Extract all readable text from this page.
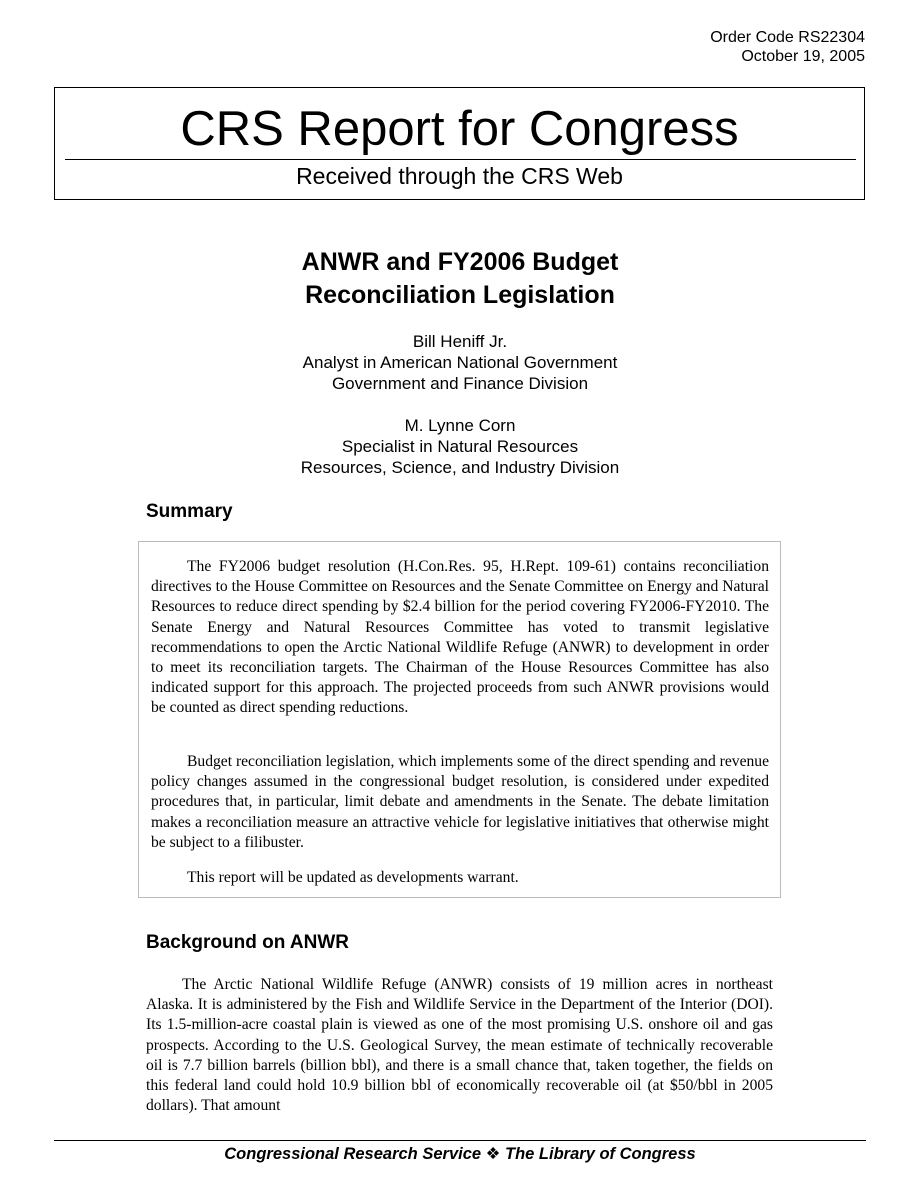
Order Code RS22304
October 19, 2005
CRS Report for Congress
Received through the CRS Web
ANWR and FY2006 Budget
Reconciliation Legislation
Bill Heniff Jr.
Analyst in American National Government
Government and Finance Division
M. Lynne Corn
Specialist in Natural Resources
Resources, Science, and Industry Division
Summary

The FY2006 budget resolution (H.Con.Res. 95, H.Rept. 109-61) contains reconciliation directives to the House Committee on Resources and the Senate Committee on Energy and Natural Resources to reduce direct spending by $2.4 billion for the period covering FY2006-FY2010. The Senate Energy and Natural Resources Committee has voted to transmit legislative recommendations to open the Arctic National Wildlife Refuge (ANWR) to development in order to meet its reconciliation targets. The Chairman of the House Resources Committee has also indicated support for this approach. The projected proceeds from such ANWR provisions would be counted as direct spending reductions.

Budget reconciliation legislation, which implements some of the direct spending and revenue policy changes assumed in the congressional budget resolution, is considered under expedited procedures that, in particular, limit debate and amendments in the Senate. The debate limitation makes a reconciliation measure an attractive vehicle for legislative initiatives that otherwise might be subject to a filibuster.

This report will be updated as developments warrant.

Background on ANWR

The Arctic National Wildlife Refuge (ANWR) consists of 19 million acres in northeast Alaska. It is administered by the Fish and Wildlife Service in the Department of the Interior (DOI). Its 1.5-million-acre coastal plain is viewed as one of the most promising U.S. onshore oil and gas prospects. According to the U.S. Geological Survey, the mean estimate of technically recoverable oil is 7.7 billion barrels (billion bbl), and there is a small chance that, taken together, the fields on this federal land could hold 10.9 billion bbl of economically recoverable oil (at $50/bbl in 2005 dollars). That amount

Congressional Research Service ❖ The Library of Congress
